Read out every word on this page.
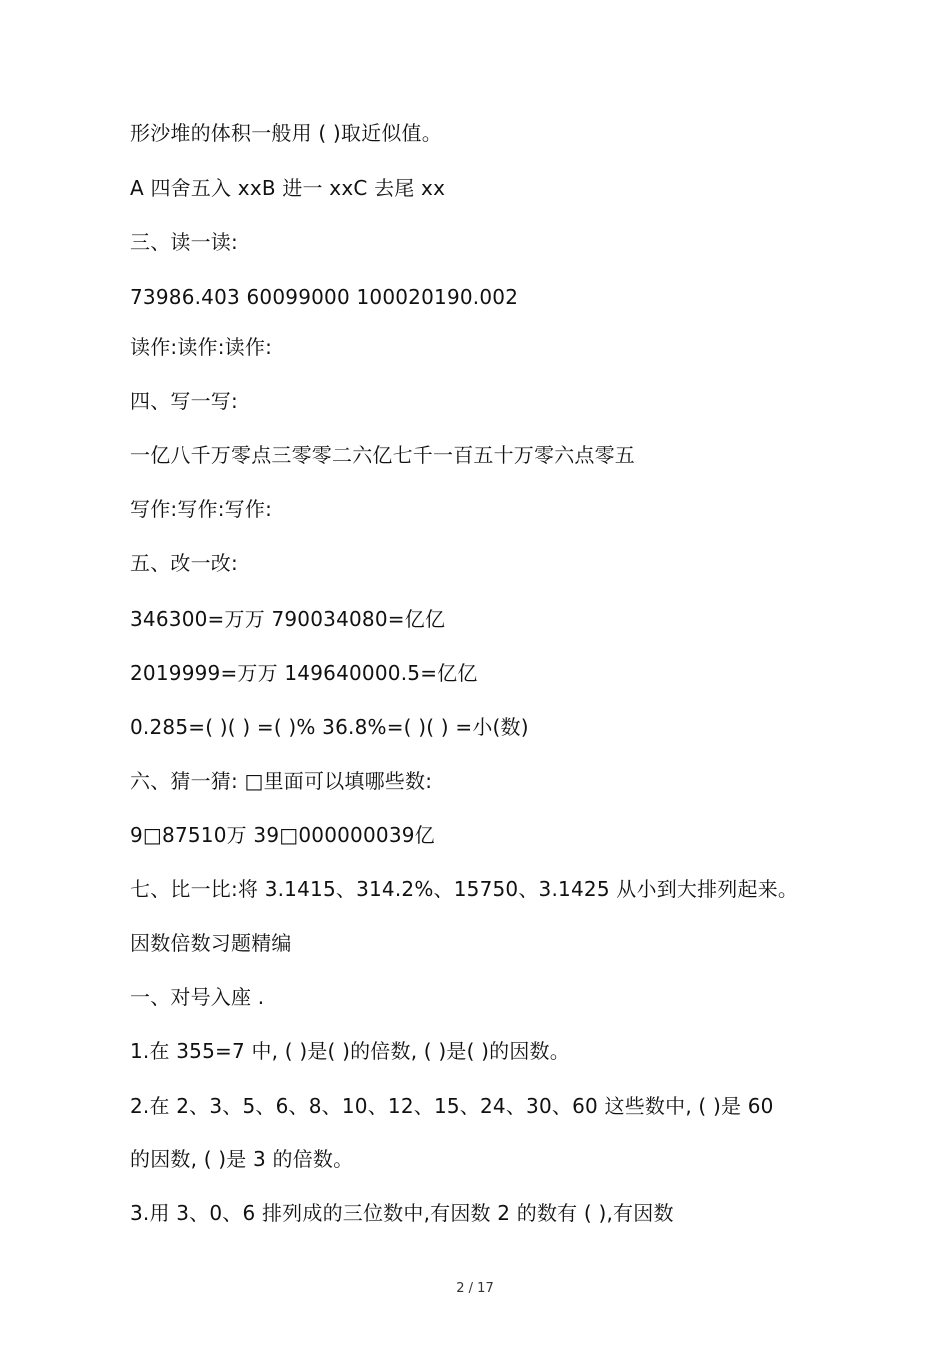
形沙堆的体积一般用 ( )取近似值。
A 四舍五入 xxB 进一 xxC 去尾 xx
三、读一读:
73986.403 60099000 100020190.002
读作:读作:读作:
四、写一写:
一亿八千万零点三零零二六亿七千一百五十万零六点零五
写作:写作:写作:
五、改一改:
346300=万万 790034080=亿亿
2019999=万万 149640000.5=亿亿
0.285=( )( ) =( )% 36.8%=( )( ) =小(数)
六、猜一猜: □里面可以填哪些数:
9□87510万 39□000000039亿
七、比一比:将 3.1415、314.2%、15750、3.1425 从小到大排列起来。
因数倍数习题精编
一、对号入座 .
1.在 355=7 中, ( )是( )的倍数, ( )是( )的因数。
2.在 2、3、5、6、8、10、12、15、24、30、60 这些数中, ( )是 60
的因数, ( )是 3 的倍数。
3.用 3、0、6 排列成的三位数中,有因数 2 的数有 ( ),有因数
2 / 17
